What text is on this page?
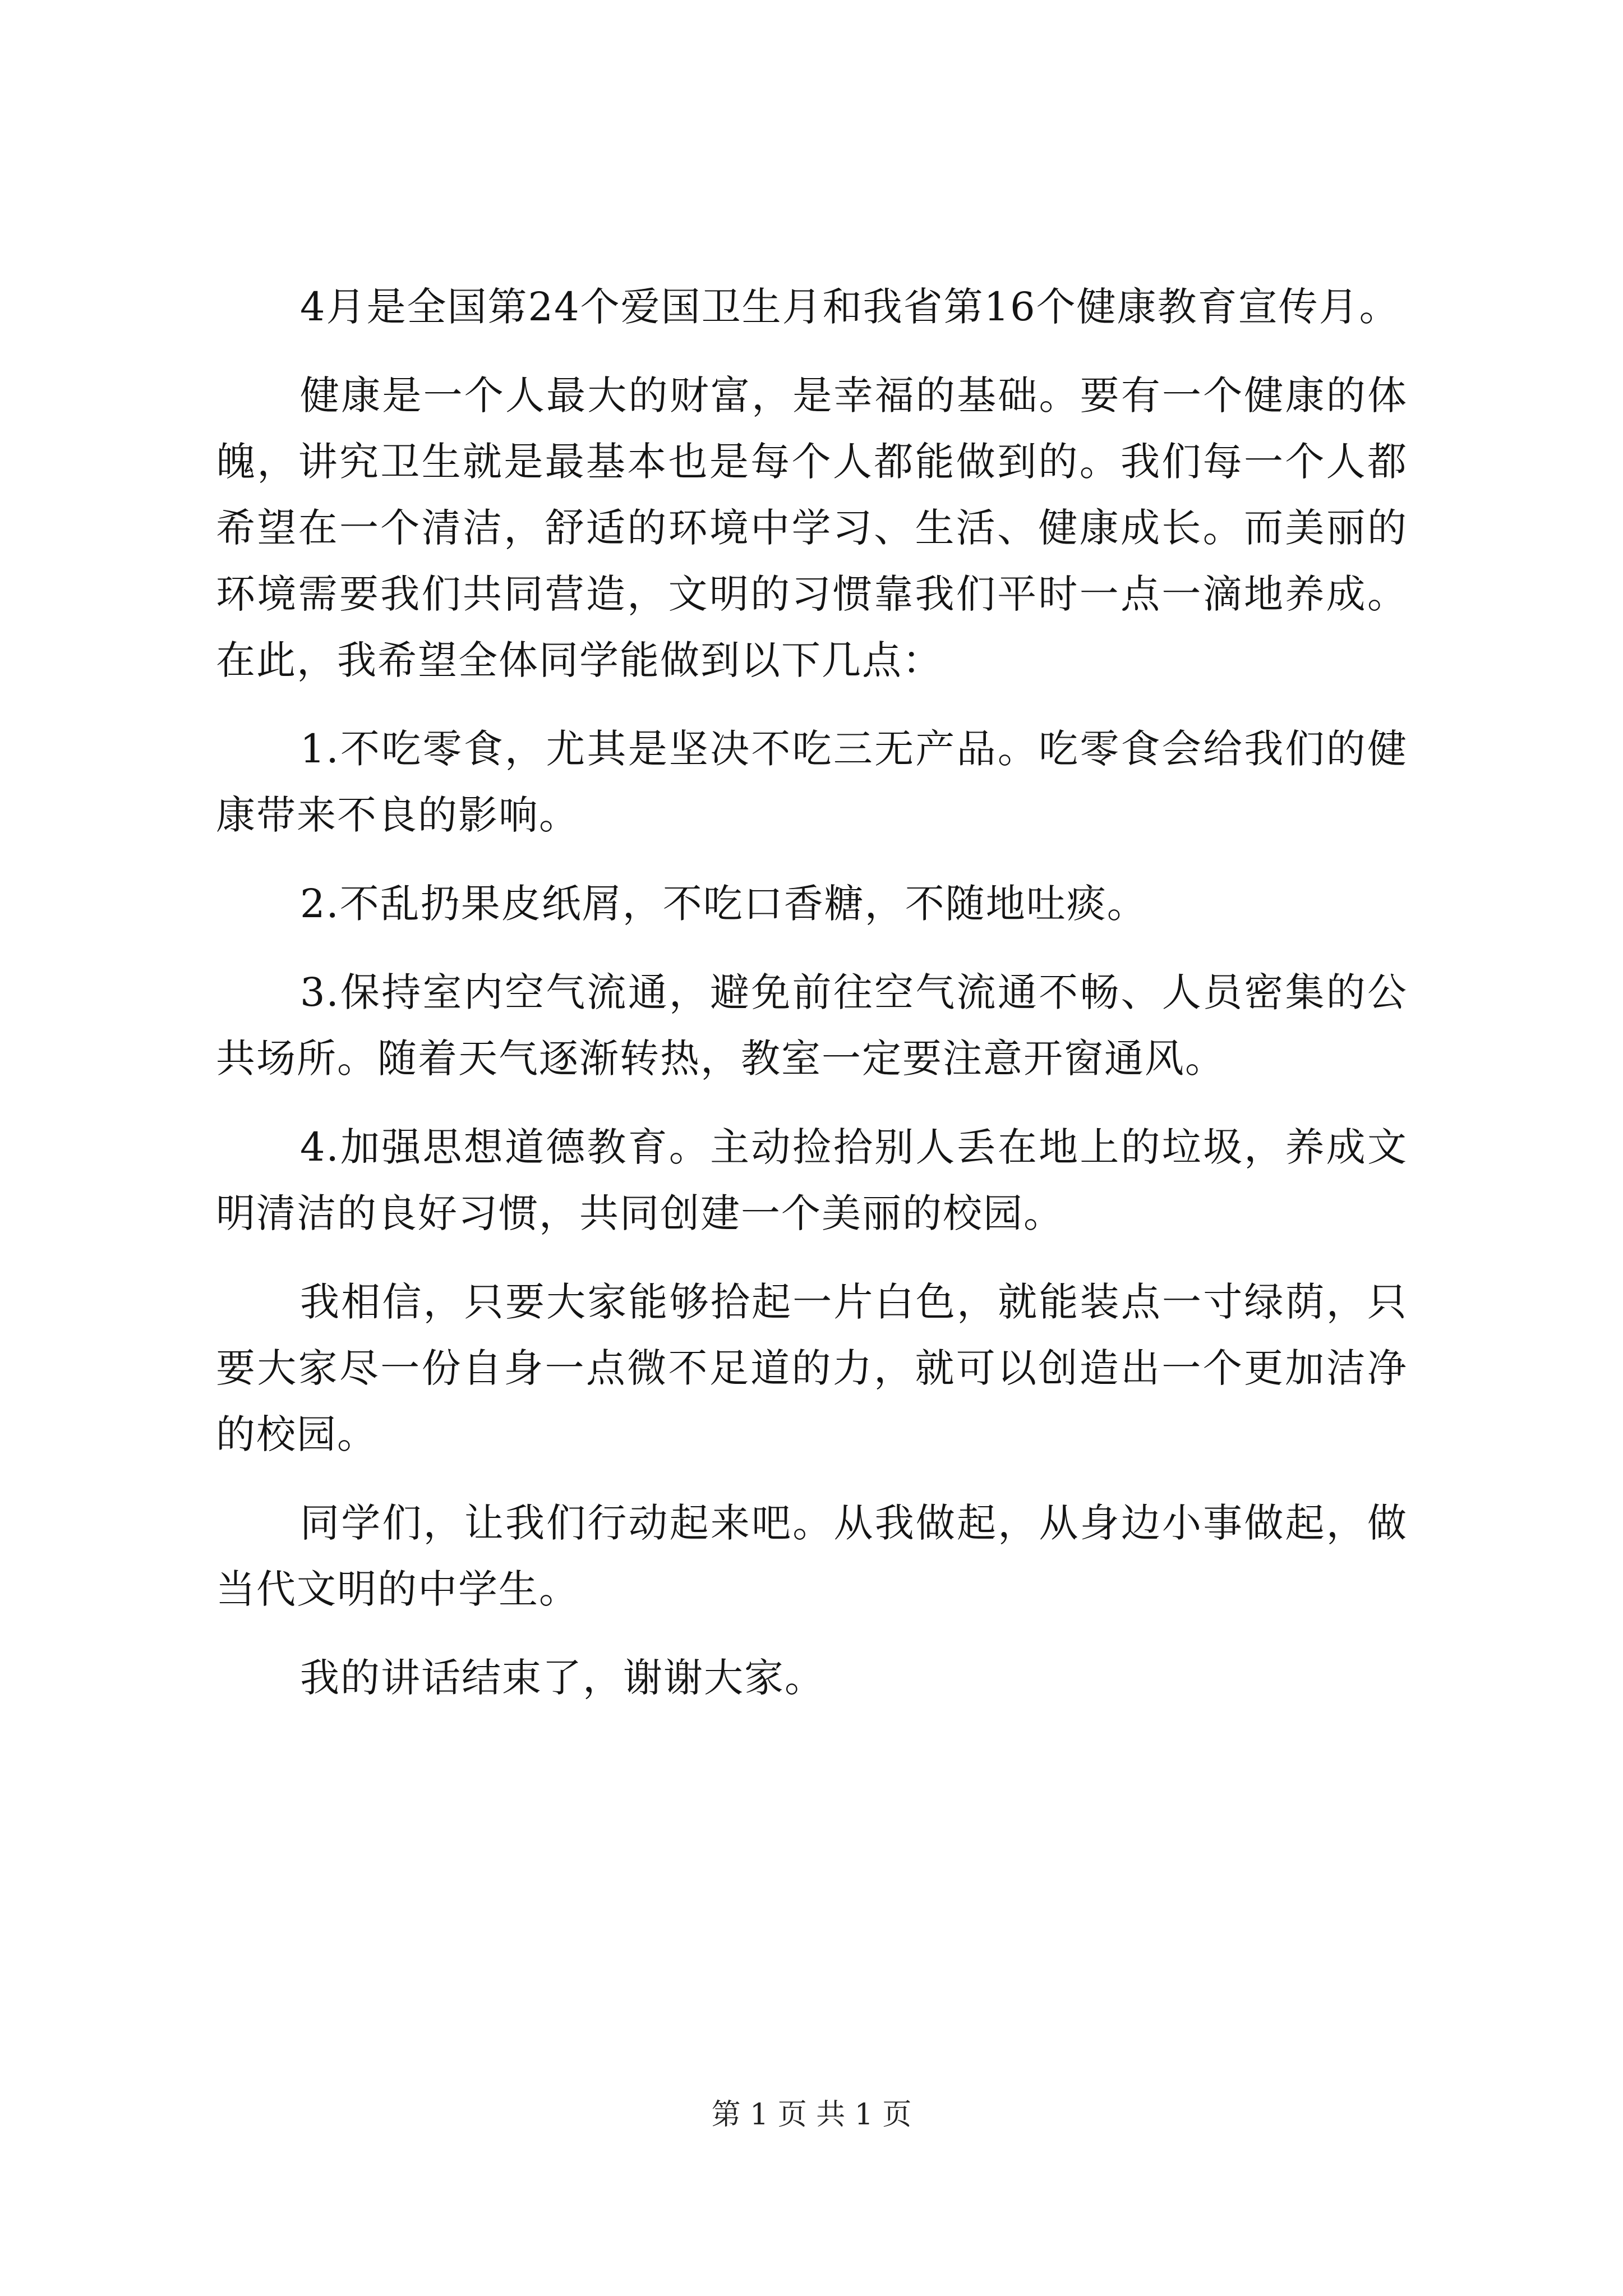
4月是全国第24个爱国卫生月和我省第16个健康教育宣传月。

健康是一个人最大的财富，是幸福的基础。要有一个健康的体魄，讲究卫生就是最基本也是每个人都能做到的。我们每一个人都希望在一个清洁，舒适的环境中学习、生活、健康成长。而美丽的环境需要我们共同营造，文明的习惯靠我们平时一点一滴地养成。在此，我希望全体同学能做到以下几点：

1.不吃零食，尤其是坚决不吃三无产品。吃零食会给我们的健康带来不良的影响。

2.不乱扔果皮纸屑，不吃口香糖，不随地吐痰。

3.保持室内空气流通，避免前往空气流通不畅、人员密集的公共场所。随着天气逐渐转热，教室一定要注意开窗通风。

4.加强思想道德教育。主动捡拾别人丢在地上的垃圾，养成文明清洁的良好习惯，共同创建一个美丽的校园。

我相信，只要大家能够拾起一片白色，就能装点一寸绿荫，只要大家尽一份自身一点微不足道的力，就可以创造出一个更加洁净的校园。

同学们，让我们行动起来吧。从我做起，从身边小事做起，做当代文明的中学生。

我的讲话结束了，谢谢大家。

第 1 页 共 1 页
